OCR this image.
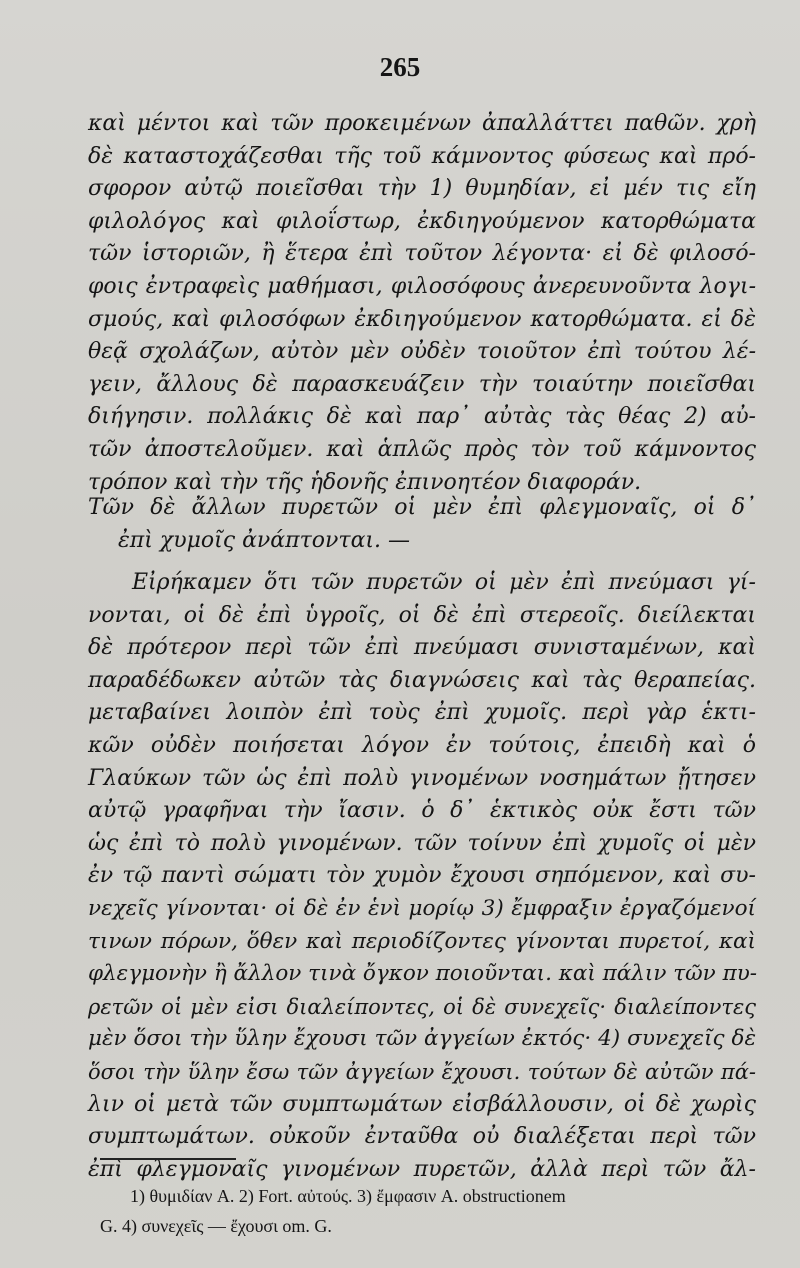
265
καὶ μέντοι καὶ τῶν προκειμένων ἀπαλλάττει παθῶν. χρὴ
δὲ καταστοχάζεσθαι τῆς τοῦ κάμνοντος φύσεως καὶ πρό-
σφορον αὐτῷ ποιεῖσθαι τὴν 1) θυμηδίαν, εἰ μέν τις εἴη
φιλολόγος καὶ φιλοΐστωρ, ἐκδιηγούμενον κατορθώματα
τῶν ἱστοριῶν, ἢ ἕτερα ἐπὶ τοῦτον λέγοντα· εἰ δὲ φιλοσό-
φοις ἐντραφεὶς μαθήμασι, φιλοσόφους ἀνερευνοῦντα λογι-
σμούς, καὶ φιλοσόφων ἐκδιηγούμενον κατορθώματα. εἰ δὲ
θεᾷ σχολάζων, αὐτὸν μὲν οὐδὲν τοιοῦτον ἐπὶ τούτου λέ-
γειν, ἄλλους δὲ παρασκευάζειν τὴν τοιαύτην ποιεῖσθαι
διήγησιν. πολλάκις δὲ καὶ παρ᾽ αὐτὰς τὰς θέας 2) αὐ-
τῶν ἀποστελοῦμεν. καὶ ἁπλῶς πρὸς τὸν τοῦ κάμνοντος
τρόπον καὶ τὴν τῆς ἡδονῆς ἐπινοητέον διαφοράν.
Τῶν δὲ ἄλλων πυρετῶν οἱ μὲν ἐπὶ φλεγμοναῖς, οἱ δ᾽
ἐπὶ χυμοῖς ἀνάπτονται. —
Εἰρήκαμεν ὅτι τῶν πυρετῶν οἱ μὲν ἐπὶ πνεύμασι γί-
νονται, οἱ δὲ ἐπὶ ὑγροῖς, οἱ δὲ ἐπὶ στερεοῖς. διείλεκται
δὲ πρότερον περὶ τῶν ἐπὶ πνεύμασι συνισταμένων, καὶ
παραδέδωκεν αὐτῶν τὰς διαγνώσεις καὶ τὰς θεραπείας.
μεταβαίνει λοιπὸν ἐπὶ τοὺς ἐπὶ χυμοῖς. περὶ γὰρ ἑκτι-
κῶν οὐδὲν ποιήσεται λόγον ἐν τούτοις, ἐπειδὴ καὶ ὁ
Γλαύκων τῶν ὡς ἐπὶ πολὺ γινομένων νοσημάτων ᾔτησεν
αὐτῷ γραφῆναι τὴν ἴασιν. ὁ δ᾽ ἑκτικὸς οὐκ ἔστι τῶν
ὡς ἐπὶ τὸ πολὺ γινομένων. τῶν τοίνυν ἐπὶ χυμοῖς οἱ μὲν
ἐν τῷ παντὶ σώματι τὸν χυμὸν ἔχουσι σηπόμενον, καὶ συ-
νεχεῖς γίνονται· οἱ δὲ ἐν ἑνὶ μορίῳ 3) ἔμφραξιν ἐργαζόμενοί
τινων πόρων, ὅθεν καὶ περιοδίζοντες γίνονται πυρετοί, καὶ
φλεγμονὴν ἢ ἄλλον τινὰ ὄγκον ποιοῦνται. καὶ πάλιν τῶν πυ-
ρετῶν οἱ μὲν εἰσι διαλείποντες, οἱ δὲ συνεχεῖς· διαλείποντες
μὲν ὅσοι τὴν ὕλην ἔχουσι τῶν ἀγγείων ἐκτός· 4) συνεχεῖς δὲ
ὅσοι τὴν ὕλην ἔσω τῶν ἀγγείων ἔχουσι. τούτων δὲ αὐτῶν πά-
λιν οἱ μετὰ τῶν συμπτωμάτων εἰσβάλλουσιν, οἱ δὲ χωρὶς
συμπτωμάτων. οὐκοῦν ἐνταῦθα οὐ διαλέξεται περὶ τῶν
ἐπὶ φλεγμοναῖς γινομένων πυρετῶν, ἀλλὰ περὶ τῶν ἄλ-
1) θυμιδίαν A. 2) Fort. αὐτούς. 3) ἔμφασιν A. obstructionem
G. 4) συνεχεῖς — ἔχουσι om. G.
